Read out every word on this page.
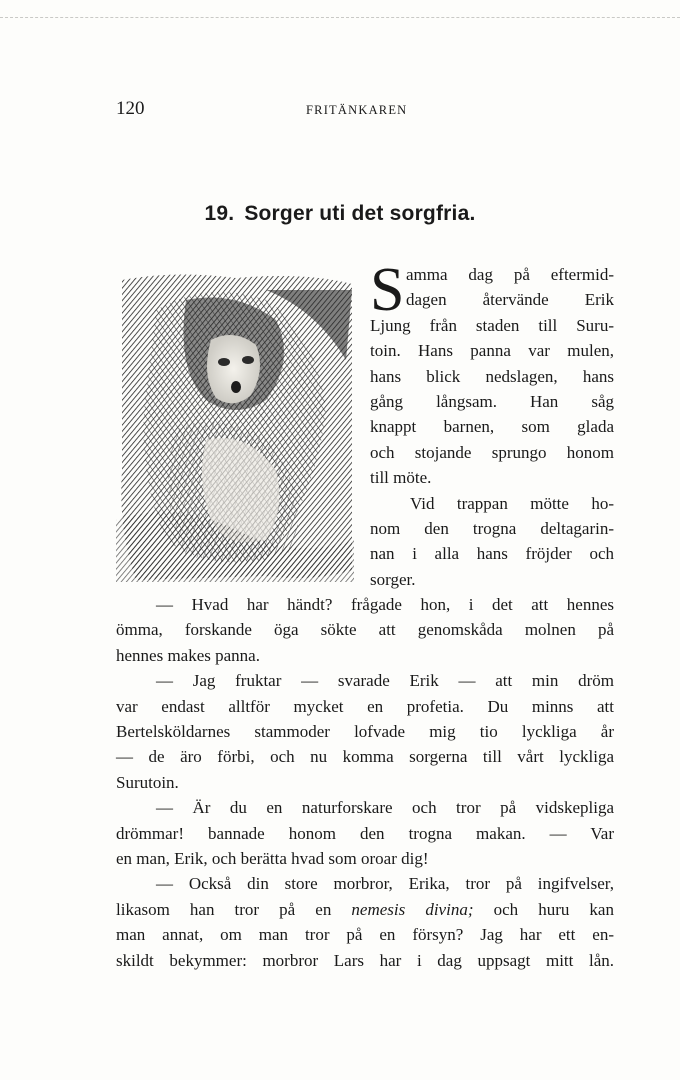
120	FRITÄNKAREN
19. Sorger uti det sorgfria.
S amma dag på eftermid-
dagen återvände Erik
Ljung från staden till Suru-
toin. Hans panna var mulen,
hans blick nedslagen, hans
gång långsam. Han såg
knappt barnen, som glada
och stojande sprungo honom
till möte.
Vid trappan mötte ho-
nom den trogna deltagarin-
nan i alla hans fröjder och
sorger.
— Hvad har händt? frågade hon, i det att hennes
ömma, forskande öga sökte att genomskåda molnen på
hennes makes panna.
— Jag fruktar — svarade Erik — att min dröm
var endast alltför mycket en profetia. Du minns att
Bertelsköldarnes stammoder lofvade mig tio lyckliga år
— de äro förbi, och nu komma sorgerna till vårt lyckliga
Surutoin.
— Är du en naturforskare och tror på vidskepliga
drömmar! bannade honom den trogna makan. — Var
en man, Erik, och berätta hvad som oroar dig!
— Också din store morbror, Erika, tror på ingifvelser,
likasom han tror på en nemesis divina; och huru kan
man annat, om man tror på en försyn? Jag har ett en-
skildt bekymmer: morbror Lars har i dag uppsagt mitt lån.
